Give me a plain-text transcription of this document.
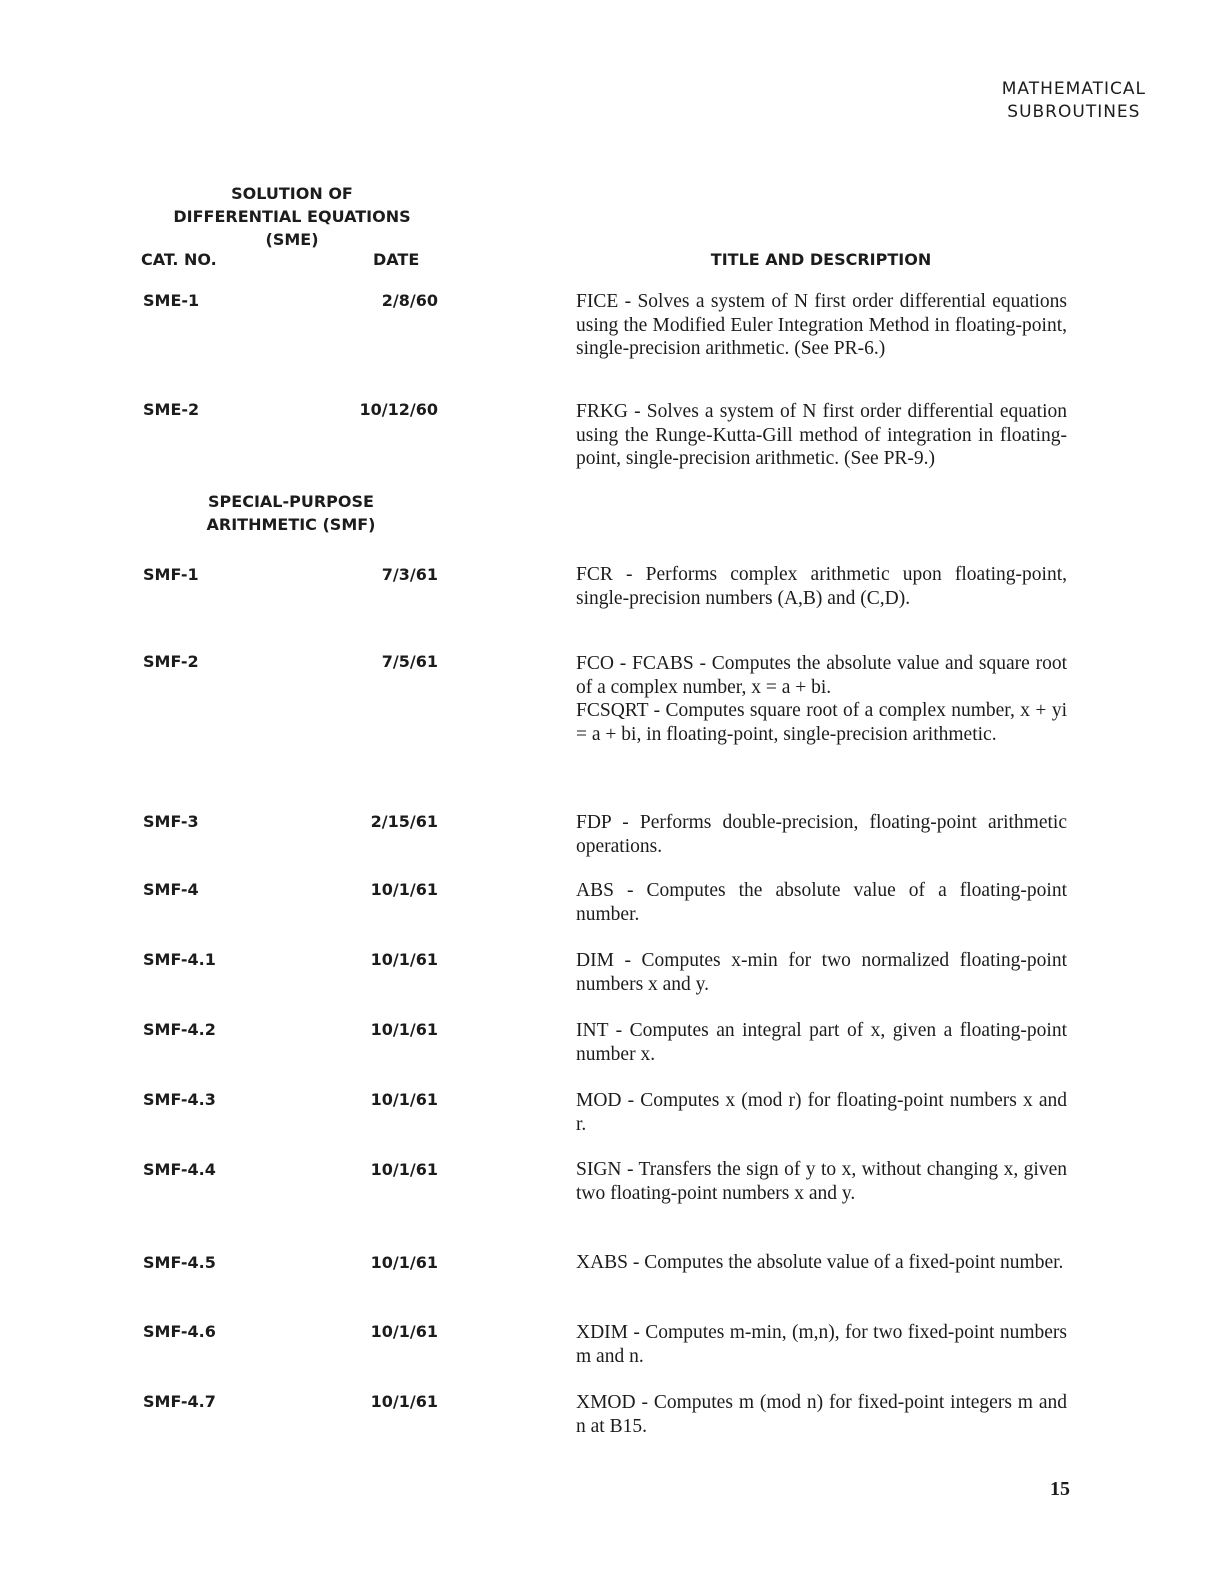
MATHEMATICAL
SUBROUTINES
SOLUTION OF
DIFFERENTIAL EQUATIONS (SME)
CAT. NO.	DATE	TITLE AND DESCRIPTION
SPECIAL-PURPOSE
ARITHMETIC (SMF)
SME-1	2/8/60	FICE - Solves a system of N first order differential equations using the Modified Euler Integration Method in floating-point, single-precision arithmetic. (See PR-6.)

SME-2	10/12/60	FRKG - Solves a system of N first order differential equation using the Runge-Kutta-Gill method of integration in floating-point, single-precision arithmetic. (See PR-9.)

SMF-1	7/3/61	FCR - Performs complex arithmetic upon floating-point, single-precision numbers (A,B) and (C,D).

SMF-2	7/5/61	FCO - FCABS - Computes the absolute value and square root of a complex number, x = a + bi.

FCSQRT - Computes square root of a complex number, x + yi = a + bi, in floating-point, single-precision arithmetic.

SMF-3	2/15/61	FDP - Performs double-precision, floating-point arithmetic operations.

SMF-4	10/1/61	ABS - Computes the absolute value of a floating-point number.

SMF-4.1	10/1/61	DIM - Computes x-min for two normalized floating-point numbers x and y.

SMF-4.2	10/1/61	INT - Computes an integral part of x, given a floating-point number x.

SMF-4.3	10/1/61	MOD - Computes x (mod r) for floating-point numbers x and r.

SMF-4.4	10/1/61	SIGN - Transfers the sign of y to x, without changing x, given two floating-point numbers x and y.

SMF-4.5	10/1/61	XABS - Computes the absolute value of a fixed-point number.

SMF-4.6	10/1/61	XDIM - Computes m-min, (m,n), for two fixed-point numbers m and n.

SMF-4.7	10/1/61	XMOD - Computes m (mod n) for fixed-point integers m and n at B15.

15
